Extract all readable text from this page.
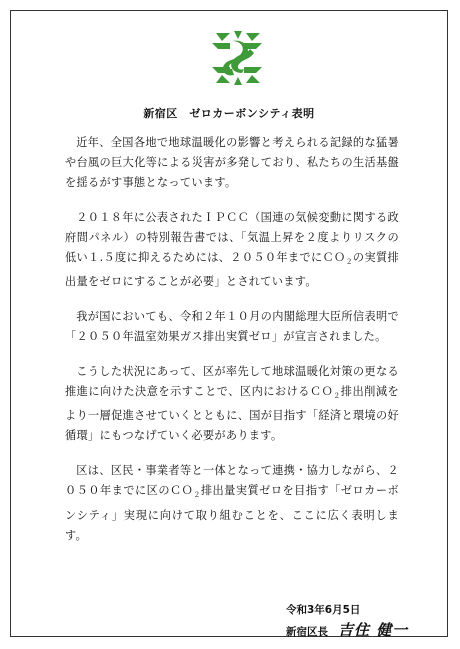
新宿区　ゼロカーボンシティ表明

近年、全国各地で地球温暖化の影響と考えられる記録的な猛暑や台風の巨大化等による災害が多発しており、私たちの生活基盤を揺るがす事態となっています。

２０１８年に公表されたＩＰＣＣ（国連の気候変動に関する政府間パネル）の特別報告書では、「気温上昇を２度よりリスクの低い１.５度に抑えるためには、２０５０年までにＣＯ$_2$の実質排出量をゼロにすることが必要」とされています。

我が国においても、令和２年１０月の内閣総理大臣所信表明で「２０５０年温室効果ガス排出実質ゼロ」が宣言されました。

こうした状況にあって、区が率先して地球温暖化対策の更なる推進に向けた決意を示すことで、区内におけるＣＯ$_2$排出削減をより一層促進させていくとともに、国が目指す「経済と環境の好循環」にもつなげていく必要があります。

区は、区民・事業者等と一体となって連携・協力しながら、２０５０年までに区のＣＯ$_2$排出量実質ゼロを目指す「ゼロカーボンシティ」実現に向けて取り組むことを、ここに広く表明します。

令和3年6月5日
新宿区長 吉住 健一
